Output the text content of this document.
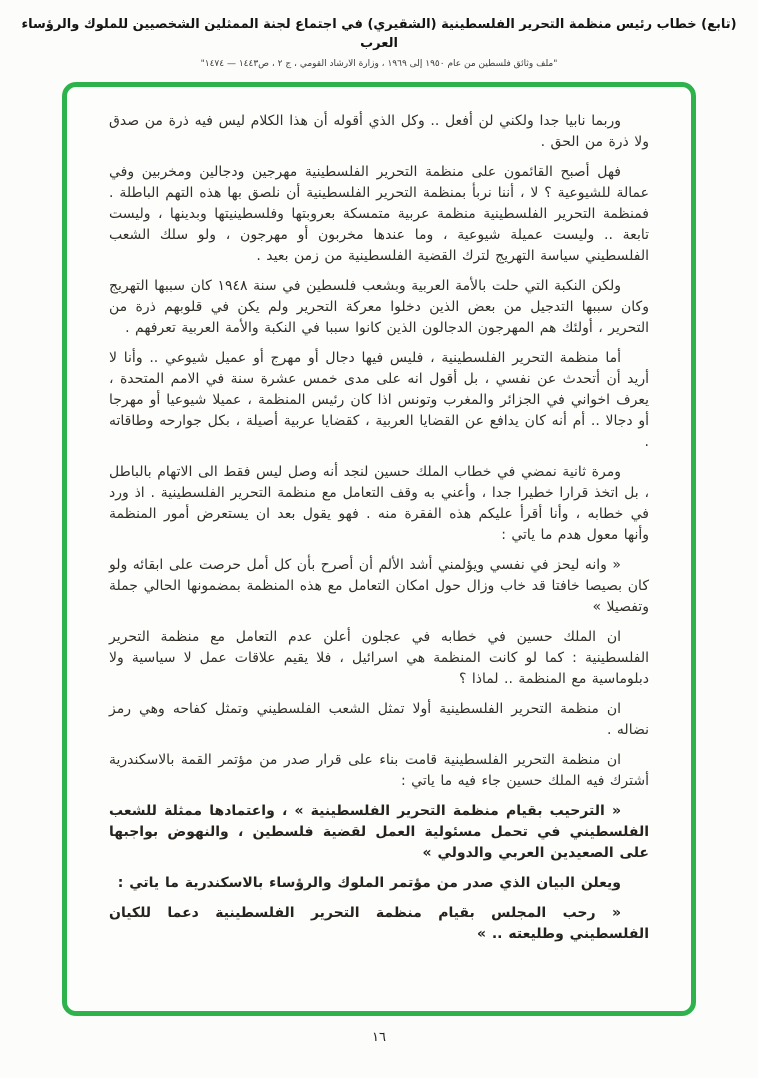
(تابع) خطاب رئيس منظمة التحرير الفلسطينية (الشقيري) في اجتماع لجنة الممثلين الشخصيين للملوك والرؤساء العرب
"ملف وثائق فلسطين من عام ١٩٥٠ إلى ١٩٦٩ ، وزارة الارشاد القومي ، ج ٢ ، ص١٤٤٣ — ١٤٧٤"

وربما نابيا جدا ولكني لن أفعل .. وكل الذي أقوله أن هذا الكلام ليس فيه ذرة من صدق ولا ذرة من الحق .

فهل أصبح القائمون على منظمة التحرير الفلسطينية مهرجين ودجالين ومخربين وفي عمالة للشيوعية ؟ لا ، أننا نربأ بمنظمة التحرير الفلسطينية أن نلصق بها هذه التهم الباطلة . فمنظمة التحرير الفلسطينية منظمة عربية متمسكة بعروبتها وفلسطينيتها وبدينها ، وليست تابعة .. وليست عميلة شيوعية ، وما عندها مخربون أو مهرجون ، ولو سلك الشعب الفلسطيني سياسة التهريج لترك القضية الفلسطينية من زمن بعيد .

ولكن النكبة التي حلت بالأمة العربية وبشعب فلسطين في سنة ١٩٤٨ كان سببها التهريج وكان سببها التدجيل من بعض الذين دخلوا معركة التحرير ولم يكن في قلوبهم ذرة من التحرير ، أولئك هم المهرجون الدجالون الذين كانوا سببا في النكبة والأمة العربية تعرفهم .

أما منظمة التحرير الفلسطينية ، فليس فيها دجال أو مهرج أو عميل شيوعي .. وأنا لا أريد أن أتحدث عن نفسي ، بل أقول انه على مدى خمس عشرة سنة في الامم المتحدة ، يعرف اخواني في الجزائر والمغرب وتونس اذا كان رئيس المنظمة ، عميلا شيوعيا أو مهرجا أو دجالا .. أم أنه كان يدافع عن القضايا العربية ، كقضايا عربية أصيلة ، بكل جوارحه وطاقاته .

ومرة ثانية نمضي في خطاب الملك حسين لنجد أنه وصل ليس فقط الى الاتهام بالباطل ، بل اتخذ قرارا خطيرا جدا ، وأعني به وقف التعامل مع منظمة التحرير الفلسطينية . اذ ورد في خطابه ، وأنا أقرأ عليكم هذه الفقرة منه . فهو يقول بعد ان يستعرض أمور المنظمة وأنها معول هدم ما ياتي :

« وانه ليحز في نفسي ويؤلمني أشد الألم أن أصرح بأن كل أمل حرصت على ابقائه ولو كان بصيصا خافتا قد خاب وزال حول امكان التعامل مع هذه المنظمة بمضمونها الحالي جملة وتفصيلا »

ان الملك حسين في خطابه في عجلون أعلن عدم التعامل مع منظمة التحرير الفلسطينية : كما لو كانت المنظمة هي اسرائيل ، فلا يقيم علاقات عمل لا سياسية ولا دبلوماسية مع المنظمة .. لماذا ؟

ان منظمة التحرير الفلسطينية أولا تمثل الشعب الفلسطيني وتمثل كفاحه وهي رمز نضاله .

ان منظمة التحرير الفلسطينية قامت بناء على قرار صدر من مؤتمر القمة بالاسكندرية أشترك فيه الملك حسين جاء فيه ما ياتي :

« الترحيب بقيام منظمة التحرير الفلسطينية » ، واعتمادها ممثلة للشعب الفلسطيني في تحمل مسئولية العمل لقضية فلسطين ، والنهوض بواجبها على الصعيدين العربي والدولي »

ويعلن البيان الذي صدر من مؤتمر الملوك والرؤساء بالاسكندرية ما ياتي :

« رحب المجلس بقيام منظمة التحرير الفلسطينية دعما للكيان الفلسطيني وطليعته .. »

١٦
